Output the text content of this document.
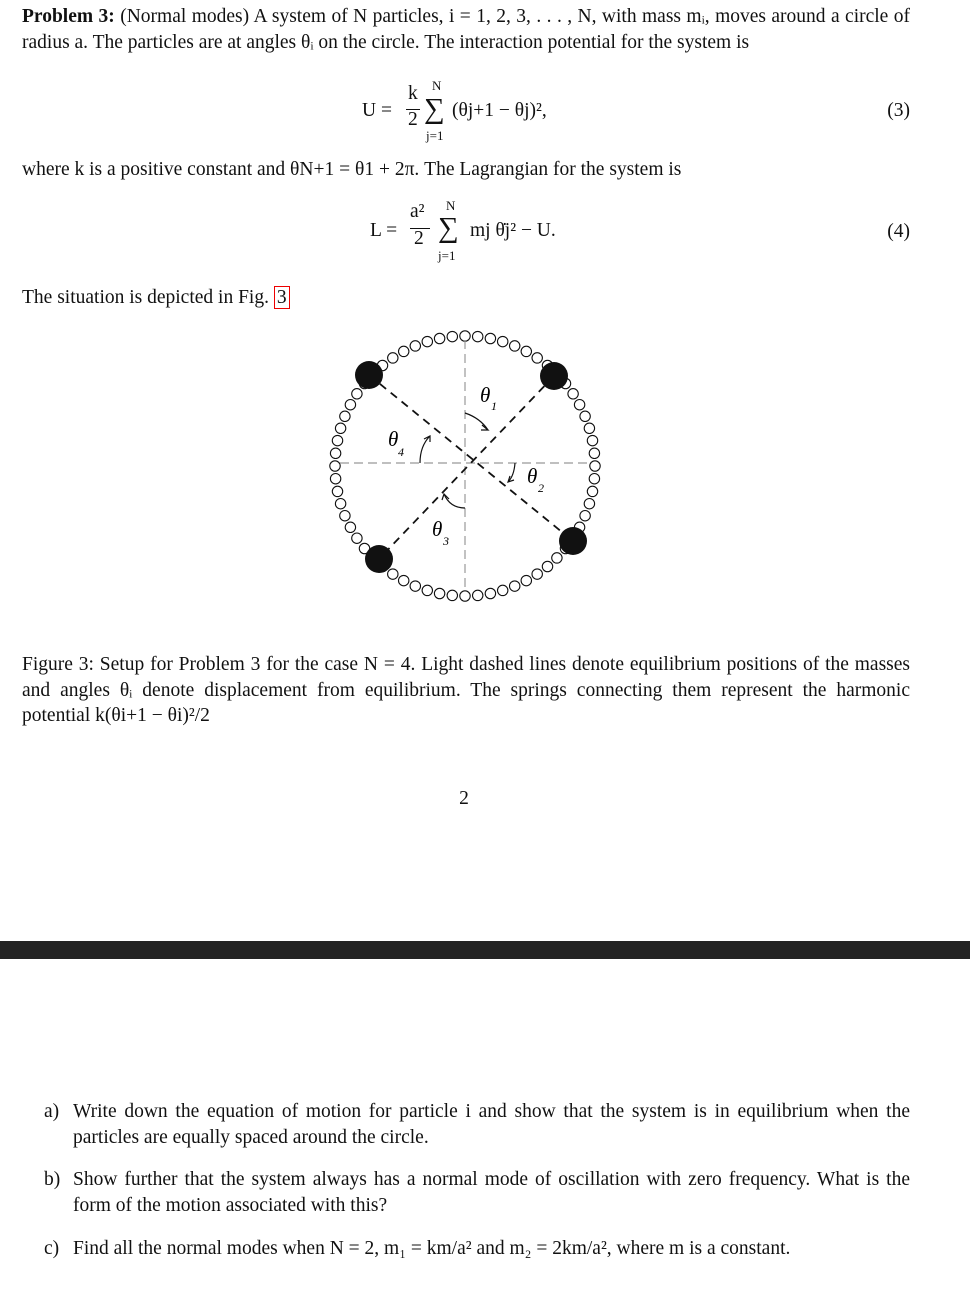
Problem 3: (Normal modes) A system of N particles, i = 1, 2, 3, . . . , N, with mass mᵢ, moves around a circle of radius a. The particles are at angles θᵢ on the circle. The interaction potential for the system is
U =
k
2
N
∑
j=1
(θj+1 − θj)²,	(3)
where k is a positive constant and θN+1 = θ1 + 2π. The Lagrangian for the system is
L =
a²
2
N
∑
j=1
mj θ̇j² − U.	(4)
The situation is depicted in Fig. 3
θ 1
θ 2
θ 3
θ
4
Figure 3: Setup for Problem 3 for the case N = 4. Light dashed lines denote equilibrium positions of the masses and angles θᵢ denote displacement from equilibrium. The springs connecting them represent the harmonic potential k(θi+1 − θi)²/2
2
a) Write down the equation of motion for particle i and show that the system is in equilibrium when the particles are equally spaced around the circle.
b) Show further that the system always has a normal mode of oscillation with zero frequency. What is the form of the motion associated with this?
c) Find all the normal modes when N = 2, m₁ = km/a² and m₂ = 2km/a², where m is a constant.
